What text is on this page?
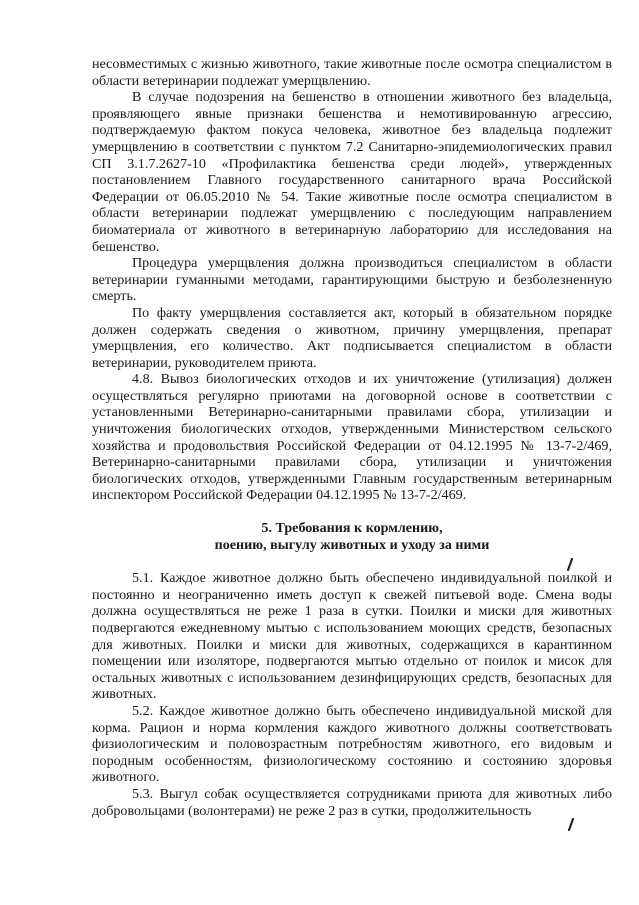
несовместимых с жизнью животного, такие животные после осмотра специалистом в области ветеринарии подлежат умерщвлению.

В случае подозрения на бешенство в отношении животного без владельца, проявляющего явные признаки бешенства и немотивированную агрессию, подтверждаемую фактом покуса человека, животное без владельца подлежит умерщвлению в соответствии с пунктом 7.2 Санитарно-эпидемиологических правил СП 3.1.7.2627-10 «Профилактика бешенства среди людей», утвержденных постановлением Главного государственного санитарного врача Российской Федерации от 06.05.2010 № 54. Такие животные после осмотра специалистом в области ветеринарии подлежат умерщвлению с последующим направлением биоматериала от животного в ветеринарную лабораторию для исследования на бешенство.

Процедура умерщвления должна производиться специалистом в области ветеринарии гуманными методами, гарантирующими быструю и безболезненную смерть.

По факту умерщвления составляется акт, который в обязательном порядке должен содержать сведения о животном, причину умерщвления, препарат умерщвления, его количество. Акт подписывается специалистом в области ветеринарии, руководителем приюта.

4.8. Вывоз биологических отходов и их уничтожение (утилизация) должен осуществляться регулярно приютами на договорной основе в соответствии с установленными Ветеринарно-санитарными правилами сбора, утилизации и уничтожения биологических отходов, утвержденными Министерством сельского хозяйства и продовольствия Российской Федерации от 04.12.1995 № 13-7-2/469, Ветеринарно-санитарными правилами сбора, утилизации и уничтожения биологических отходов, утвержденными Главным государственным ветеринарным инспектором Российской Федерации 04.12.1995 № 13-7-2/469.

5. Требования к кормлению,

поению, выгулу животных и уходу за ними

5.1. Каждое животное должно быть обеспечено индивидуальной поилкой и постоянно и неограниченно иметь доступ к свежей питьевой воде. Смена воды должна осуществляться не реже 1 раза в сутки. Поилки и миски для животных подвергаются ежедневному мытью с использованием моющих средств, безопасных для животных. Поилки и миски для животных, содержащихся в карантинном помещении или изоляторе, подвергаются мытью отдельно от поилок и мисок для остальных животных с использованием дезинфицирующих средств, безопасных для животных.

5.2. Каждое животное должно быть обеспечено индивидуальной миской для корма. Рацион и норма кормления каждого животного должны соответствовать физиологическим и половозрастным потребностям животного, его видовым и породным особенностям, физиологическому состоянию и состоянию здоровья животного.

5.3. Выгул собак осуществляется сотрудниками приюта для животных либо добровольцами (волонтерами) не реже 2 раз в сутки, продолжительность
